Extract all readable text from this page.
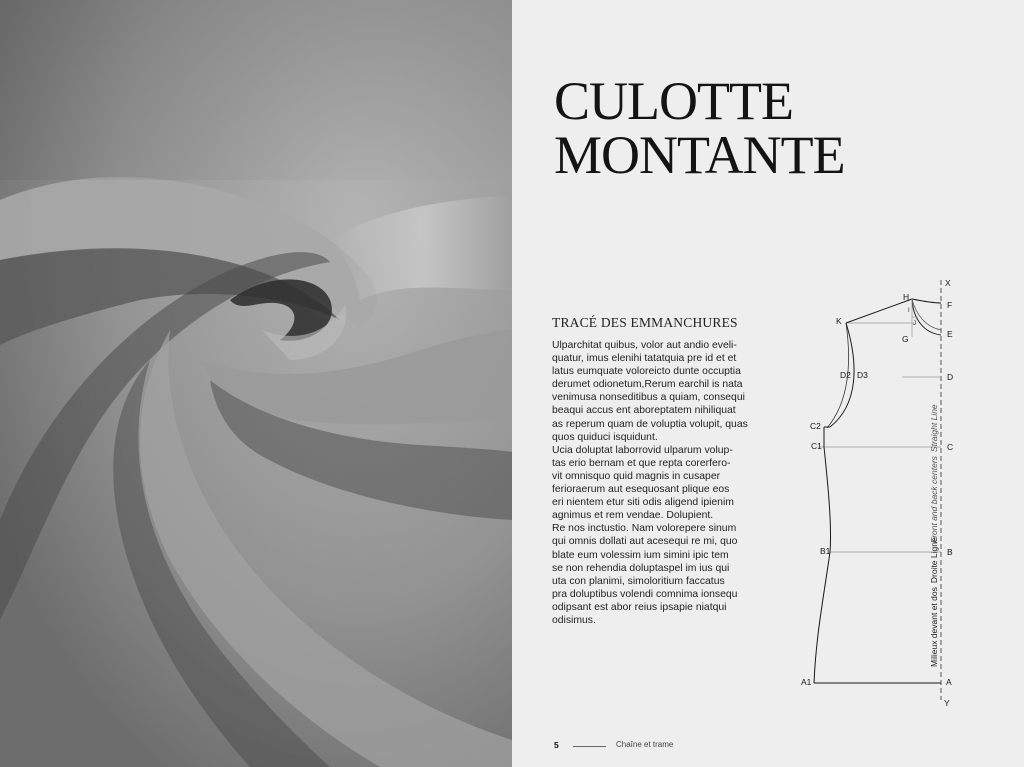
CULOTTE
MONTANTE
TRACÉ DES EMMANCHURES

Ulparchitat quibus, volor aut andio eveli-
quatur, imus elenihi tatatquia pre id et et
latus eumquate voloreicto dunte occuptia
derumet odionetum,Rerum earchil is nata
venimusa nonseditibus a quiam, consequi
beaqui accus ent aboreptatem nihiliquat
as reperum quam de voluptia volupit, quas
quos quiduci isquidunt.

Ucia doluptat laborrovid ulparum volup-
tas erio bernam et que repta corerfero-
vit omnisquo quid magnis in cusaper
ferioraerum aut esequosant plique eos
eri nientem etur siti odis aligend ipienim
agnimus et rem vendae. Dolupient.

Re nos inctustio. Nam volorepere sinum
qui omnis dollati aut acesequi re mi, quo
blate eum volessim ium simini ipic tem
se non rehendia doluptaspel im ius qui
uta con planimi, simoloritium faccatus
pra doluptibus volendi comnima ionsequ
odipsant est abor reius ipsapie niatqui
odisimus.

X
H
F
K
I
J
E
G
D2 D3	D
C2
C1	C
B1	B
A1	A
Y
Milieux devant et dosDroite Ligne
Front and back centersStraight Line
5	Chaîne et trame
